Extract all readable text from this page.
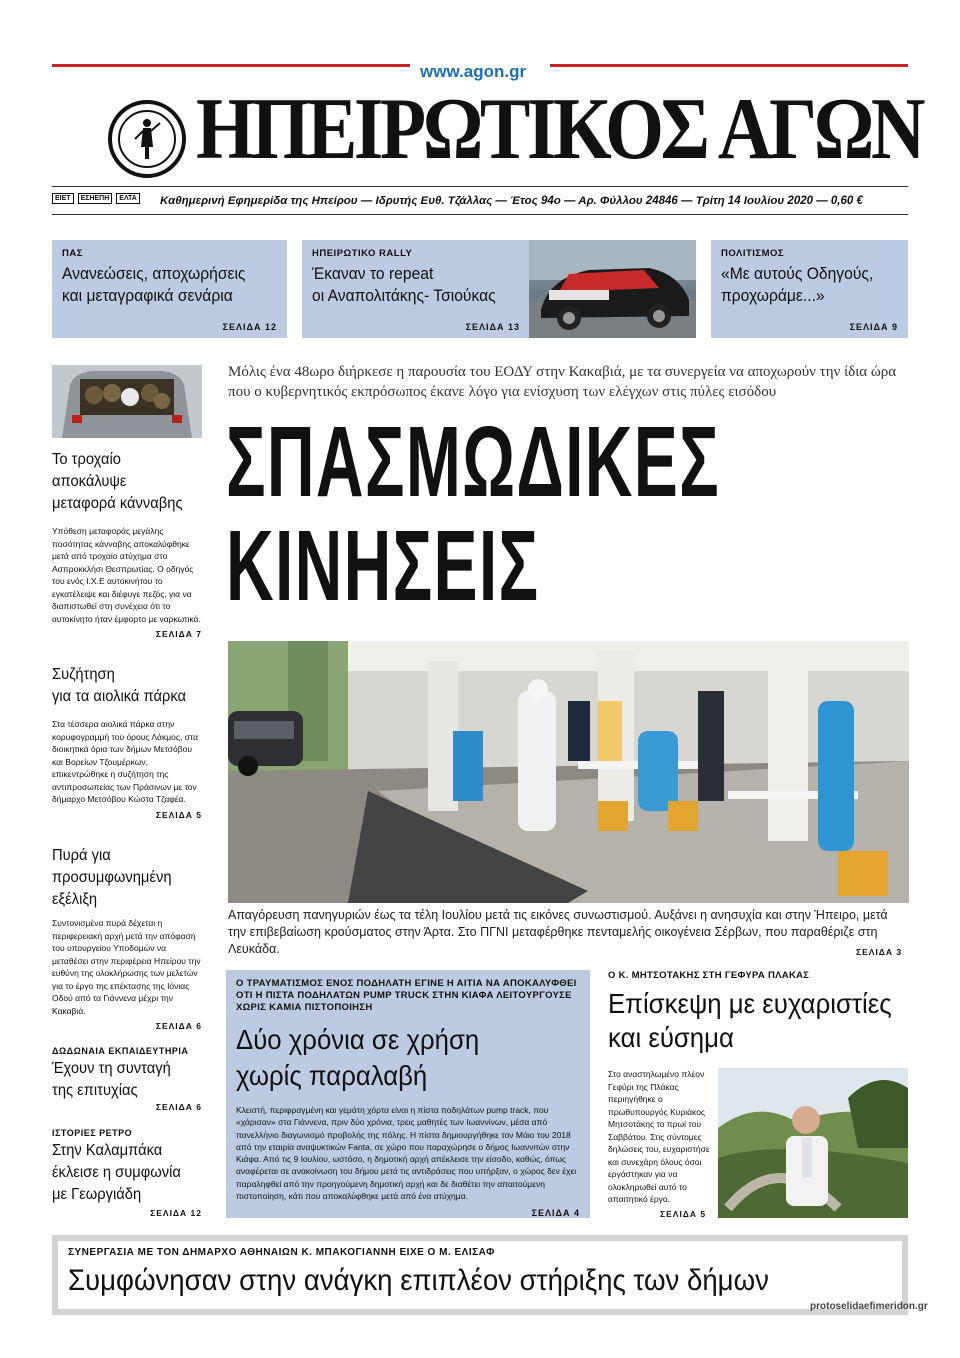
www.agon.gr
ΗΠΕΙΡΩΤΙΚΟΣ ΑΓΩΝ
ΕΙΕΤ	ΕΣΗΕΠΗ	ΕΛΤΑ Καθημερινή Εφημερίδα της Ηπείρου — Ιδρυτής Ευθ. Τζάλλας — Έτος 94ο — Αρ. Φύλλου 24846 — Τρίτη 14 Ιουλίου 2020 — 0,60 €
ΠΑΣ
Ανανεώσεις, αποχωρήσεις
και μεταγραφικά σενάρια
ΣΕΛΙΔΑ 12
ΗΠΕΙΡΩΤΙΚΟ RALLY
Έκαναν το repeat
οι Αναπολιτάκης- Τσιούκας
ΣΕΛΙΔΑ 13
ΠΟΛΙΤΙΣΜΟΣ
«Με αυτούς Οδηγούς,
προχωράμε...»
ΣΕΛΙΔΑ 9
Το τροχαίο
αποκάλυψε
μεταφορά κάνναβης
Υπόθεση μεταφοράς μεγάλης ποσότητας κάνναβης αποκαλύφθηκε μετά από τροχαίο ατύχημα στο Ασπροκκλήσι Θεσπρωτίας. Ο οδηγός του ενός Ι.Χ.Ε αυτοκινήτου το εγκατέλειψε και διέφυγε πεζός, για να διαπιστωθεί στη συνέχεια ότι το αυτοκίνητο ήταν έμφορτο με ναρκωτικά.
ΣΕΛΙΔΑ 7
Συζήτηση
για τα αιολικά πάρκα
Στα τέσσερα αιολικά πάρκα στην κορυφογραμμή του όρους Λάκμος, στα διοικητικά όρια των δήμων Μετσόβου και Βορείων Τζουμέρκων, επικεντρώθηκε η συζήτηση της αντιπροσωπείας των Πράσινων με τον δήμαρχο Μετσόβου Κώστα Τζαφέα.
ΣΕΛΙΔΑ 5
Πυρά για
προσυμφωνημένη
εξέλιξη
Συντονισμένα πυρά δέχεται η περιφερειακή αρχή μετά την απόφαση του υπουργείου Υποδομών να μεταθέσει στην περιφέρεια Ηπείρου την ευθύνη της ολοκλήρωσης των μελετών για το έργο της επέκτασης της Ιόνιας Οδού από τα Γιάννενα μέχρι την Κακαβιά.
ΣΕΛΙΔΑ 6
ΔΩΔΩΝΑΙΑ ΕΚΠΑΙΔΕΥΤΗΡΙΑ
Έχουν τη συνταγή
της επιτυχίας
ΣΕΛΙΔΑ 6
ΙΣΤΟΡΙΕΣ ΡΕΤΡΟ
Στην Καλαμπάκα
έκλεισε η συμφωνία
με Γεωργιάδη
ΣΕΛΙΔΑ 12
Μόλις ένα 48ωρο διήρκεσε η παρουσία του ΕΟΔΥ στην Κακαβιά, με τα συνεργεία να αποχωρούν την ίδια ώρα που ο κυβερνητικός εκπρόσωπος έκανε λόγο για ενίσχυση των ελέγχων στις πύλες εισόδου
ΣΠΑΣΜΩΔΙΚΕΣ
ΚΙΝΗΣΕΙΣ
Απαγόρευση πανηγυριών έως τα τέλη Ιουλίου μετά τις εικόνες συνωστισμού. Αυξάνει η ανησυχία και στην Ήπειρο, μετά την επιβεβαίωση κρούσματος στην Άρτα. Στο ΠΓΝΙ μεταφέρθηκε πενταμελής οικογένεια Σέρβων, που παραθέριζε στη Λευκάδα.	ΣΕΛΙΔΑ 3
Ο ΤΡΑΥΜΑΤΙΣΜΟΣ ΕΝΟΣ ΠΟΔΗΛΑΤΗ ΕΓΙΝΕ Η ΑΙΤΙΑ ΝΑ ΑΠΟΚΑΛΥΦΘΕΙ ΟΤΙ Η ΠΙΣΤΑ ΠΟΔΗΛΑΤΩΝ PUMP TRUCK ΣΤΗΝ ΚΙΑΦΑ ΛΕΙΤΟΥΡΓΟΥΣΕ ΧΩΡΙΣ ΚΑΜΙΑ ΠΙΣΤΟΠΟΙΗΣΗ
Δύο χρόνια σε χρήση
χωρίς παραλαβή
Κλειστή, περιφραγμένη και γεμάτη χόρτα είναι η πίστα ποδηλάτων pump track, που «χάρισαν» στα Γιάννενα, πριν δύο χρόνια, τρεις μαθητές των Ιωαννίνων, μέσα από πανελλήνιο διαγωνισμό προβολής της πόλης. Η πίστα δημιουργήθηκε τον Μάιο του 2018 από την εταιρία αναψυκτικών Fanta, σε χώρο που παραχώρησε ο δήμος Ιωαννιτών στην Κιάφα. Από τις 9 Ιουλίου, ωστόσο, η δημοτική αρχή απέκλεισε την είσοδο, καθώς, όπως αναφέρεται σε ανακοίνωση του δήμου μετά τις αντιδράσεις που υπήρξαν, ο χώρος δεν έχει παραληφθεί από την προηγούμενη δημοτική αρχή και δε διαθέτει την απαιτούμενη πιστοποίηση, κάτι που αποκαλύφθηκε μετά από ένα ατύχημα.
ΣΕΛΙΔΑ 4
Ο Κ. ΜΗΤΣΟΤΑΚΗΣ ΣΤΗ ΓΕΦΥΡΑ ΠΛΑΚΑΣ
Επίσκεψη με ευχαριστίες
και εύσημα
Στο αναστηλωμένο πλέον Γεφύρι της Πλάκας περιηγήθηκε ο πρωθυπουργός Κυριάκος Μητσοτάκης το πρωί του Σαββάτου. Στις σύντομες δηλώσεις του, ευχαριστήσε και συνεχάρη όλους όσοι εργάστηκαν για να ολοκληρωθεί αυτό το απαιτητικό έργο.
ΣΕΛΙΔΑ 5
ΣΥΝΕΡΓΑΣΙΑ ΜΕ ΤΟΝ ΔΗΜΑΡΧΟ ΑΘΗΝΑΙΩΝ Κ. ΜΠΑΚΟΓΙΑΝΝΗ ΕΙΧΕ Ο Μ. ΕΛΙΣΑΦ
Συμφώνησαν στην ανάγκη επιπλέον στήριξης των δήμων
protoselidaefimeridon.gr
